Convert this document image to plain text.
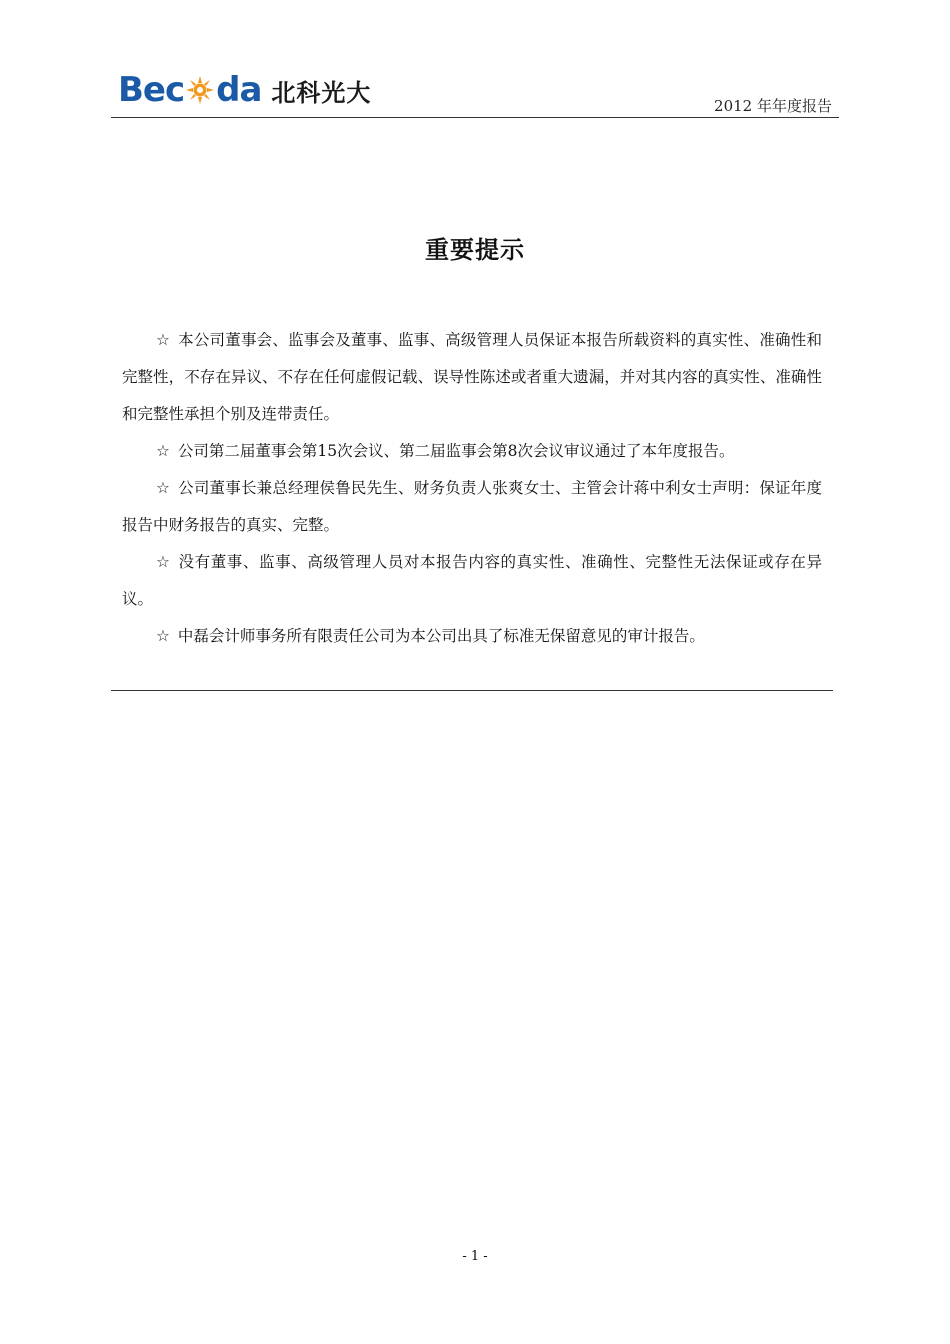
Bec da 北科光大	2012 年年度报告
重要提示

☆ 本公司董事会、监事会及董事、监事、高级管理人员保证本报告所载资料的真实性、准确性和完整性，不存在异议、不存在任何虚假记载、误导性陈述或者重大遗漏，并对其内容的真实性、准确性和完整性承担个别及连带责任。

☆ 公司第二届董事会第15次会议、第二届监事会第8次会议审议通过了本年度报告。

☆ 公司董事长兼总经理侯鲁民先生、财务负责人张爽女士、主管会计蒋中利女士声明：保证年度报告中财务报告的真实、完整。

☆ 没有董事、监事、高级管理人员对本报告内容的真实性、准确性、完整性无法保证或存在异议。

☆ 中磊会计师事务所有限责任公司为本公司出具了标准无保留意见的审计报告。

- 1 -
